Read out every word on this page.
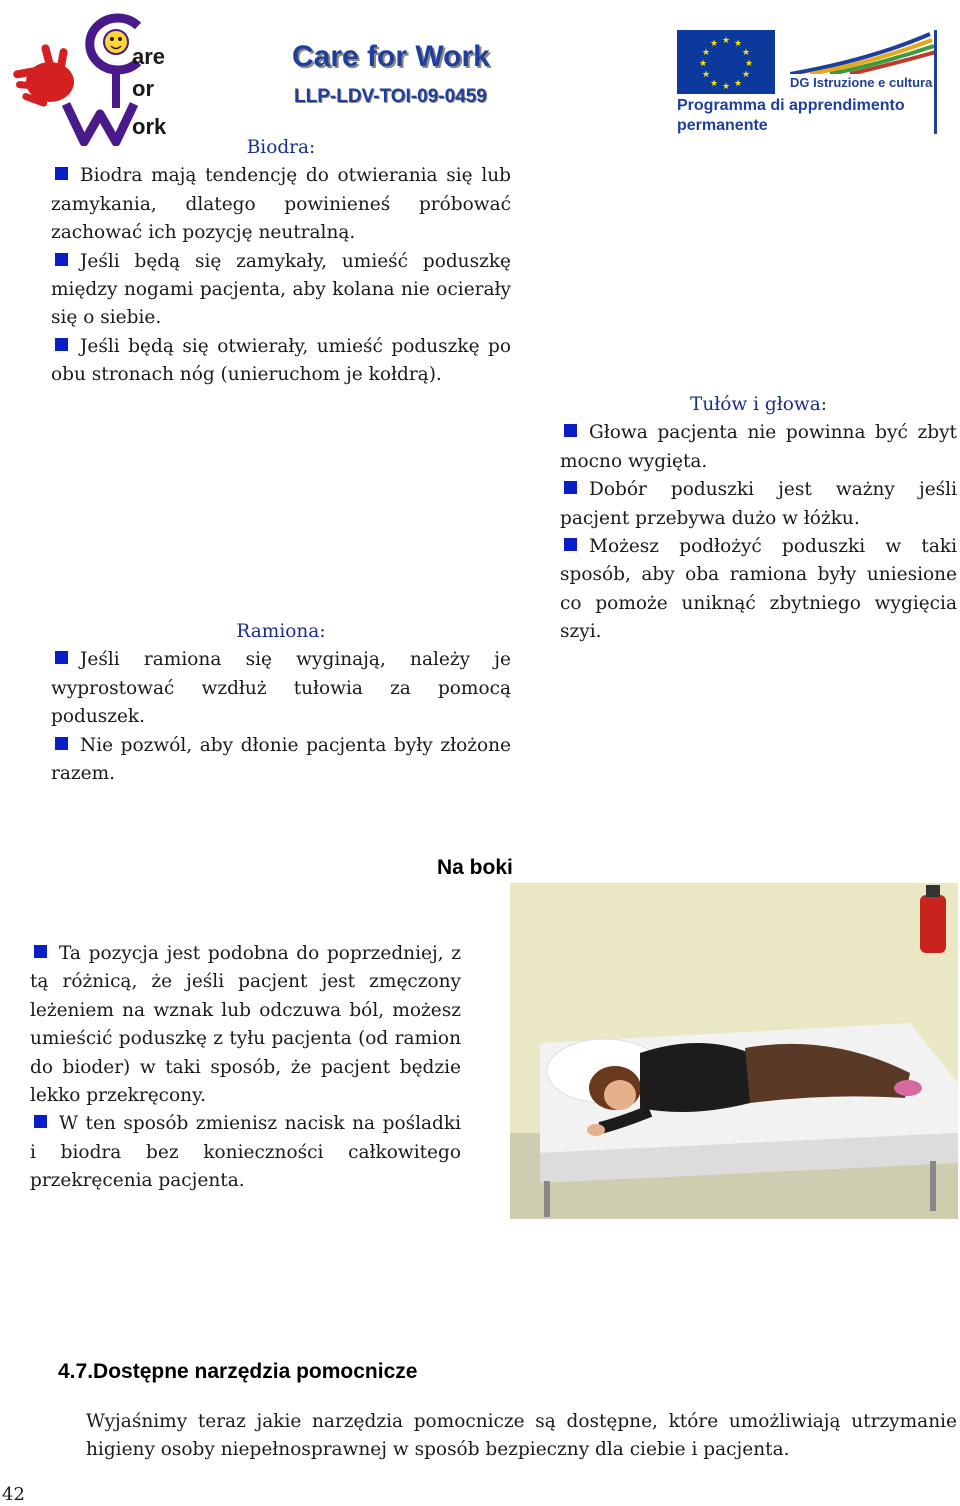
are
or
ork
Care for Work
LLP-LDV-TOI-09-0459
★ ★
★
★
★
★
★
★
★
★
★
★
DG Istruzione e cultura
Programma di apprendimento permanente
Biodra:

Biodra mają tendencję do otwierania się lub zamykania, dlatego powinieneś próbować zachować ich pozycję neutralną.

Jeśli będą się zamykały, umieść poduszkę między nogami pacjenta, aby kolana nie ocierały się o siebie.

Jeśli będą się otwierały, umieść poduszkę po obu stronach nóg (unieruchom je kołdrą).

Tułów i głowa:

Głowa pacjenta nie powinna być zbyt mocno wygięta.

Dobór poduszki jest ważny jeśli pacjent przebywa dużo w łóżku.

Możesz podłożyć poduszki w taki sposób, aby oba ramiona były uniesione co pomoże uniknąć zbytniego wygięcia szyi.

Ramiona:

Jeśli ramiona się wyginają, należy je wyprostować wzdłuż tułowia za pomocą poduszek.

Nie pozwól, aby dłonie pacjenta były złożone razem.

Na boki

Ta pozycja jest podobna do poprzedniej, z tą różnicą, że jeśli pacjent jest zmęczony leżeniem na wznak lub odczuwa ból, możesz umieścić poduszkę z tyłu pacjenta (od ramion do bioder) w taki sposób, że pacjent będzie lekko przekręcony.

W ten sposób zmienisz nacisk na pośladki i biodra bez konieczności całkowitego przekręcenia pacjenta.

4.7.Dostępne narzędzia pomocnicze

Wyjaśnimy teraz jakie narzędzia pomocnicze są dostępne, które umożliwiają utrzymanie higieny osoby niepełnosprawnej w sposób bezpieczny dla ciebie i pacjenta.

42
